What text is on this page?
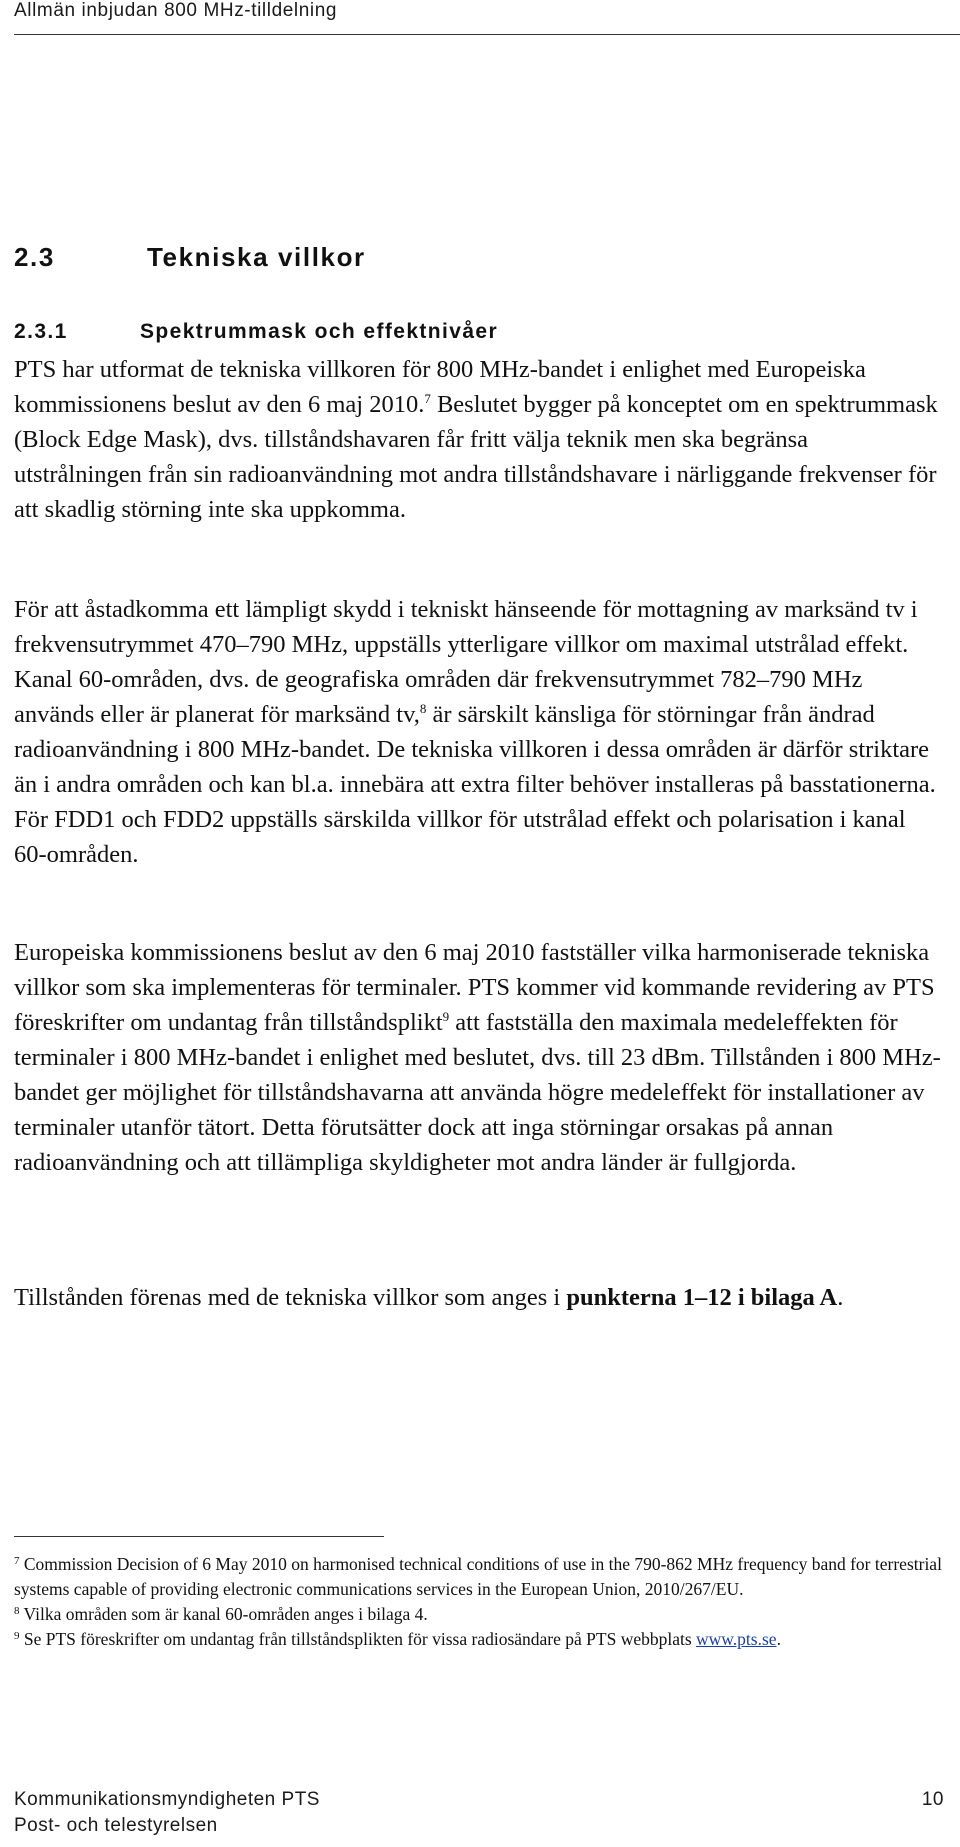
Allmän inbjudan 800 MHz-tilldelning
2.3	Tekniska villkor
2.3.1	Spektrummask och effektnivåer

PTS har utformat de tekniska villkoren för 800 MHz-bandet i enlighet med Europeiska kommissionens beslut av den 6 maj 2010.$^7$ Beslutet bygger på konceptet om en spektrummask (Block Edge Mask), dvs. tillståndshavaren får fritt välja teknik men ska begränsa utstrålningen från sin radioanvändning mot andra tillståndshavare i närliggande frekvenser för att skadlig störning inte ska uppkomma.

För att åstadkomma ett lämpligt skydd i tekniskt hänseende för mottagning av marksänd tv i frekvensutrymmet 470–790 MHz, uppställs ytterligare villkor om maximal utstrålad effekt. Kanal 60-områden, dvs. de geografiska områden där frekvensutrymmet 782–790 MHz används eller är planerat för marksänd tv,$^8$ är särskilt känsliga för störningar från ändrad radioanvändning i 800 MHz-bandet. De tekniska villkoren i dessa områden är därför striktare än i andra områden och kan bl.a. innebära att extra filter behöver installeras på basstationerna. För FDD1 och FDD2 uppställs särskilda villkor för utstrålad effekt och polarisation i kanal 60-områden.

Europeiska kommissionens beslut av den 6 maj 2010 fastställer vilka harmoniserade tekniska villkor som ska implementeras för terminaler. PTS kommer vid kommande revidering av PTS föreskrifter om undantag från tillståndsplikt$^9$ att fastställa den maximala medeleffekten för terminaler i 800 MHz-bandet i enlighet med beslutet, dvs. till 23 dBm. Tillstånden i 800 MHz-bandet ger möjlighet för tillståndshavarna att använda högre medeleffekt för installationer av terminaler utanför tätort. Detta förutsätter dock att inga störningar orsakas på annan radioanvändning och att tillämpliga skyldigheter mot andra länder är fullgjorda.

Tillstånden förenas med de tekniska villkor som anges i punkterna 1–12 i bilaga A.

$^7$ Commission Decision of 6 May 2010 on harmonised technical conditions of use in the 790-862 MHz frequency band for terrestrial systems capable of providing electronic communications services in the European Union, 2010/267/EU.
$^8$ Vilka områden som är kanal 60-områden anges i bilaga 4.
$^9$ Se PTS föreskrifter om undantag från tillståndsplikten för vissa radiosändare på PTS webbplats www.pts.se.
Kommunikationsmyndigheten PTS	10
Post- och telestyrelsen
